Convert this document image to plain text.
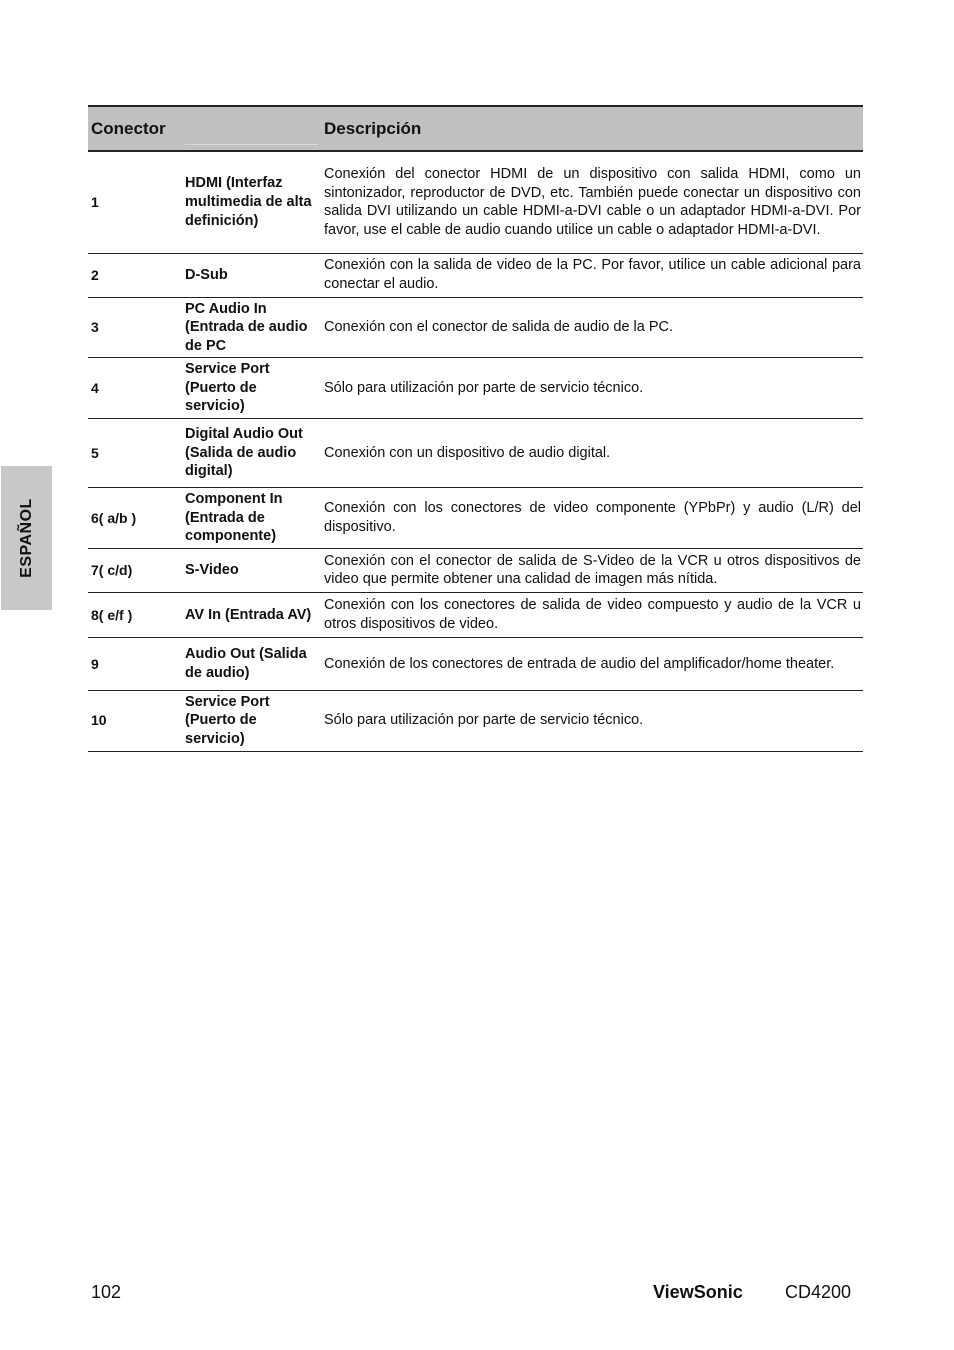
ESPAÑOL
Conector		Descripción
1	HDMI (Interfaz multimedia de alta definición)	Conexión del conector HDMI de un dispositivo con salida HDMI, como un sintonizador, reproductor de DVD, etc. También puede conectar un dispositivo con salida DVI utilizando un cable HDMI-a-DVI cable o un adaptador HDMI-a-DVI. Por favor, use el cable de audio cuando utilice un cable o adaptador HDMI-a-DVI.
2	D-Sub	Conexión con la salida de video de la PC. Por favor, utilice un cable adicional para conectar el audio.
3	PC Audio In (Entrada de audio de PC	Conexión con el conector de salida de audio de la PC.
4	Service Port (Puerto de servicio)	Sólo para utilización por parte de servicio técnico.
5	Digital Audio Out (Salida de audio digital)	Conexión con un dispositivo de audio digital.
6( a/b )	Component In (Entrada de componente)	Conexión con los conectores de video componente (YPbPr) y audio (L/R) del dispositivo.
7( c/d)	S-Video	Conexión con el conector de salida de S-Video de la VCR u otros dispositivos de video que permite obtener una calidad de imagen más nítida.
8( e/f )	AV In (Entrada AV)	Conexión con los conectores de salida de video compuesto y audio de la VCR u otros dispositivos de video.
9	Audio Out (Salida de audio)	Conexión de los conectores de entrada de audio del amplificador/home theater.
10	Service Port (Puerto de servicio)	Sólo para utilización por parte de servicio técnico.
102	ViewSonic CD4200
